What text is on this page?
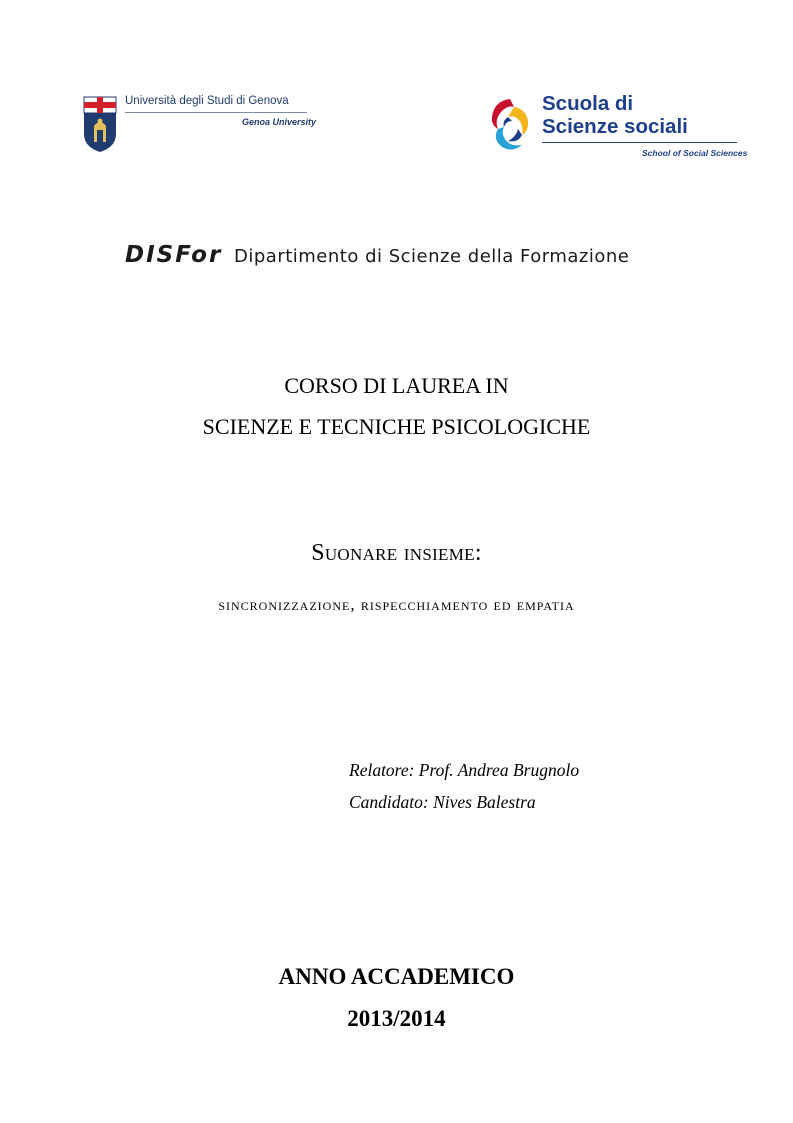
Università degli Studi di Genova
Genoa University
Scuola di
Scienze sociali
School of Social Sciences
DISFor Dipartimento di Scienze della Formazione
CORSO DI LAUREA IN
SCIENZE E TECNICHE PSICOLOGICHE
Suonare insieme:
sincronizzazione, rispecchiamento ed empatia
Relatore: Prof. Andrea Brugnolo
Candidato: Nives Balestra
ANNO ACCADEMICO
2013/2014
